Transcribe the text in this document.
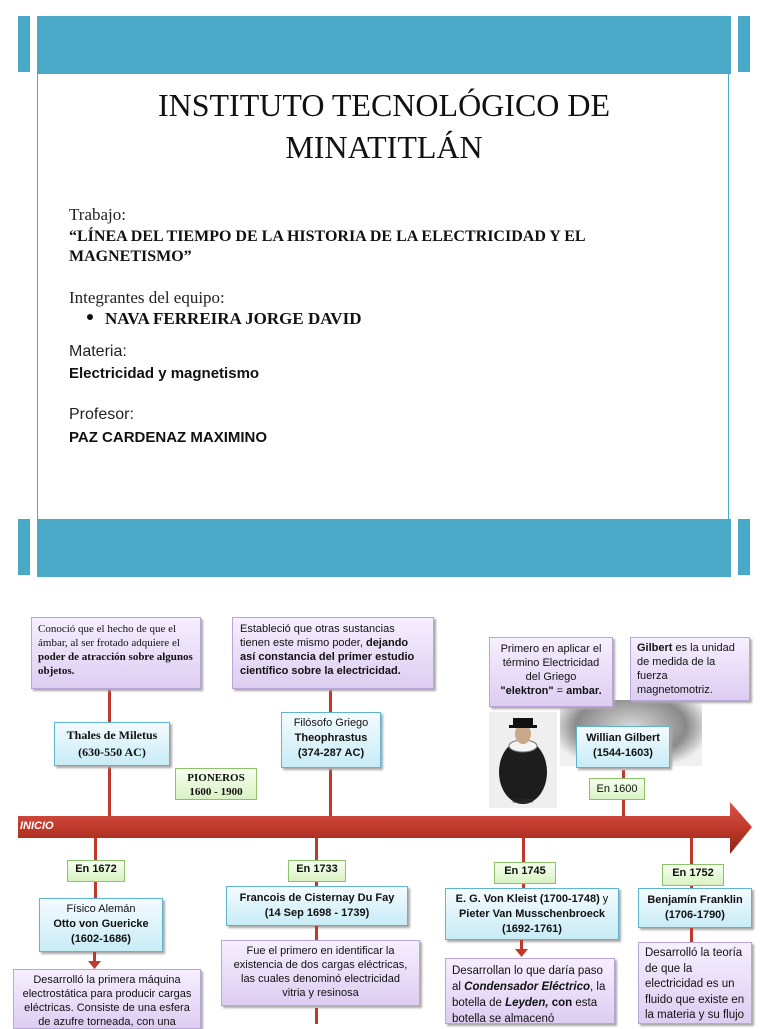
INSTITUTO TECNOLÓGICO DE
MINATITLÁN
Trabajo:
“LÍNEA DEL TIEMPO DE LA HISTORIA DE LA ELECTRICIDAD Y EL
MAGNETISMO”
Integrantes del equipo:
NAVA FERREIRA JORGE DAVID
Materia:
Electricidad y magnetismo
Profesor:
PAZ CARDENAZ MAXIMINO
INICIO
Conoció que el hecho de que el ámbar, al ser frotado adquiere el poder de atracción sobre algunos objetos.
Thales de Miletus
(630-550 AC)
PIONEROS
1600 - 1900
Estableció que otras sustancias tienen este mismo poder, dejando así constancia del primer estudio científico sobre la electricidad.
Filósofo Griego
Theophrastus
(374-287 AC)
Primero en aplicar el término Electricidad del Griego
"elektron" = ambar.
Gilbert es la unidad de medida de la fuerza magnetomotriz.
GILBERT
Willian Gilbert
(1544-1603)
En 1600
En 1672
Físico Alemán
Otto von Guericke
(1602-1686)
Desarrolló la primera máquina electrostática para producir cargas eléctricas. Consiste de una esfera de azufre torneada, con una
En 1733
Francois de Cisternay Du Fay
(14 Sep 1698 - 1739)
Fue el primero en identificar la existencia de dos cargas eléctricas, las cuales denominó electricidad vitria y resinosa
En 1745
E. G. Von Kleist (1700-1748) y
Pieter Van Musschenbroeck
(1692-1761)
Desarrollan lo que daría paso al Condensador Eléctrico, la botella de Leyden, con esta botella se almacenó
En 1752
Benjamín Franklin
(1706-1790)
Desarrolló la teoría de que la electricidad es un fluido que existe en la materia y su flujo
